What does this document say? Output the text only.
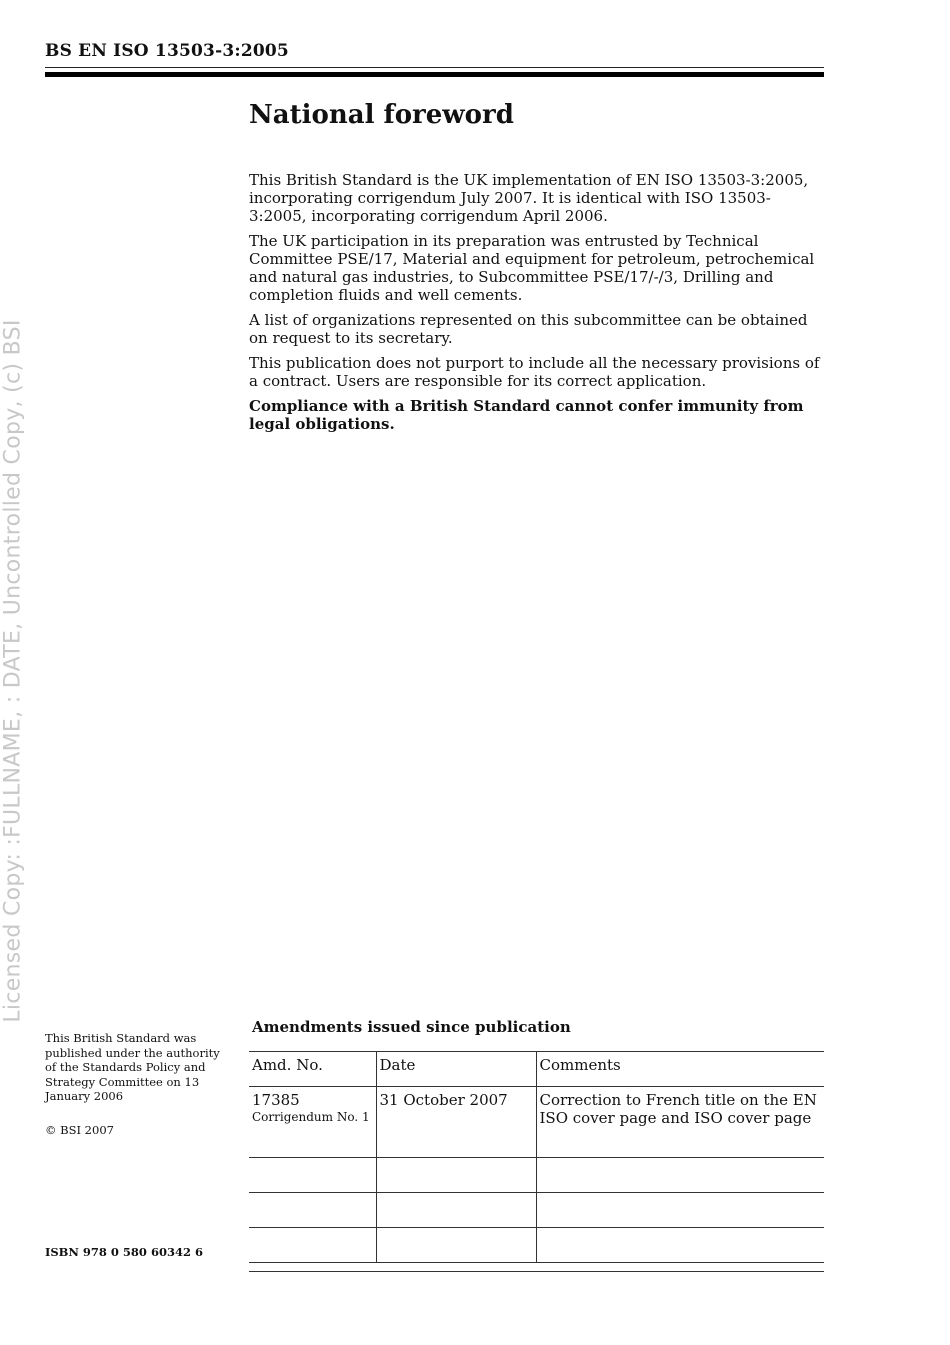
BS EN ISO 13503-3:2005
Licensed Copy: :FULLNAME, : DATE, Uncontrolled Copy, (c) BSI
National foreword

This British Standard is the UK implementation of EN ISO 13503-3:2005, incorporating corrigendum July 2007. It is identical with ISO 13503-3:2005, incorporating corrigendum April 2006.

The UK participation in its preparation was entrusted by Technical Committee PSE/17, Material and equipment for petroleum, petrochemical and natural gas industries, to Subcommittee PSE/17/-/3, Drilling and completion fluids and well cements.

A list of organizations represented on this subcommittee can be obtained on request to its secretary.

This publication does not purport to include all the necessary provisions of a contract. Users are responsible for its correct application.

Compliance with a British Standard cannot confer immunity from legal obligations.

This British Standard was published under the authority of the Standards Policy and Strategy Committee on 13 January 2006
© BSI 2007
ISBN 978 0 580 60342 6
Amendments issued since publication
Amd. No.	Date	Comments
17385
Corrigendum No. 1	31 October 2007	Correction to French title on the EN ISO cover page and ISO cover page
